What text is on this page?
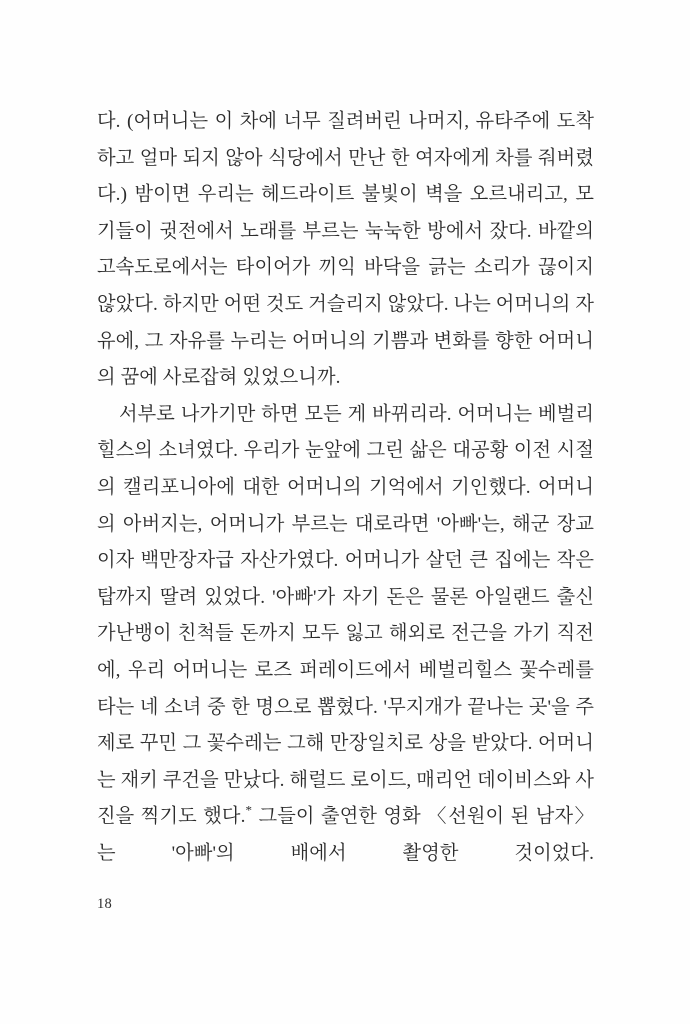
다. (어머니는 이 차에 너무 질려버린 나머지, 유타주에 도착하고 얼마 되지 않아 식당에서 만난 한 여자에게 차를 줘버렸다.) 밤이면 우리는 헤드라이트 불빛이 벽을 오르내리고, 모기들이 귓전에서 노래를 부르는 눅눅한 방에서 잤다. 바깥의 고속도로에서는 타이어가 끼익 바닥을 긁는 소리가 끊이지 않았다. 하지만 어떤 것도 거슬리지 않았다. 나는 어머니의 자유에, 그 자유를 누리는 어머니의 기쁨과 변화를 향한 어머니의 꿈에 사로잡혀 있었으니까.

서부로 나가기만 하면 모든 게 바뀌리라. 어머니는 베벌리힐스의 소녀였다. 우리가 눈앞에 그린 삶은 대공황 이전 시절의 캘리포니아에 대한 어머니의 기억에서 기인했다. 어머니의 아버지는, 어머니가 부르는 대로라면 '아빠'는, 해군 장교이자 백만장자급 자산가였다. 어머니가 살던 큰 집에는 작은 탑까지 딸려 있었다. '아빠'가 자기 돈은 물론 아일랜드 출신 가난뱅이 친척들 돈까지 모두 잃고 해외로 전근을 가기 직전에, 우리 어머니는 로즈 퍼레이드에서 베벌리힐스 꽃수레를 타는 네 소녀 중 한 명으로 뽑혔다. '무지개가 끝나는 곳'을 주제로 꾸민 그 꽃수레는 그해 만장일치로 상을 받았다. 어머니는 재키 쿠건을 만났다. 해럴드 로이드, 매리언 데이비스와 사진을 찍기도 했다.* 그들이 출연한 영화 〈선원이 된 남자〉는 '아빠'의 배에서 촬영한 것이었다.

18
